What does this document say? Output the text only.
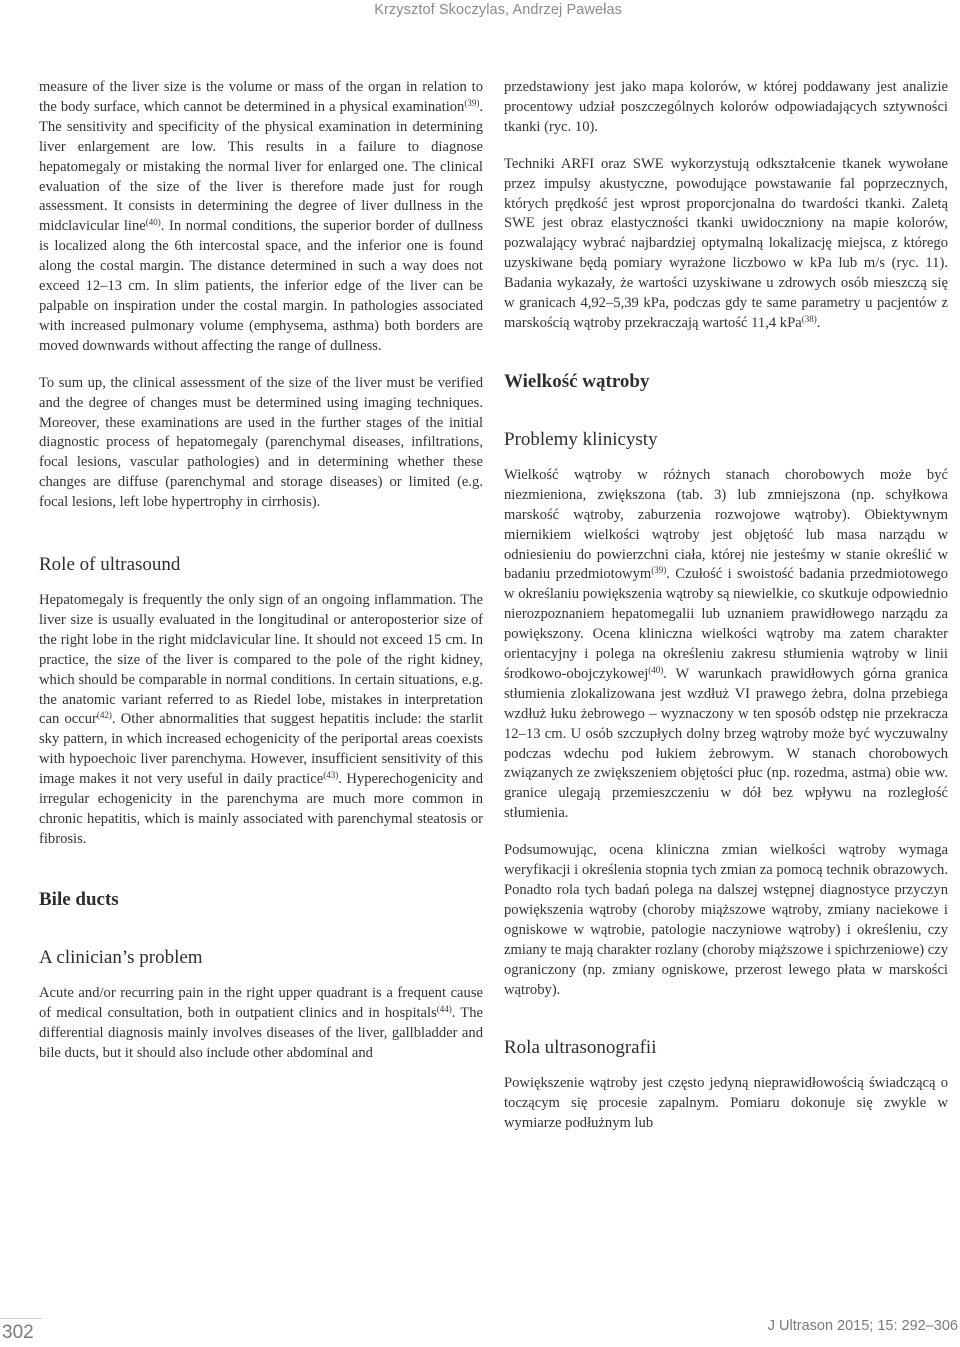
Krzysztof Skoczylas, Andrzej Pawełas

measure of the liver size is the volume or mass of the organ in relation to the body surface, which cannot be determined in a physical examination$^{(39)}$. The sensitivity and specificity of the physical examination in determining liver enlargement are low. This results in a failure to diagnose hepatomegaly or mistaking the normal liver for enlarged one. The clinical evaluation of the size of the liver is therefore made just for rough assessment. It consists in determining the degree of liver dullness in the midclavicular line$^{(40)}$. In normal conditions, the superior border of dullness is localized along the 6th intercostal space, and the inferior one is found along the costal margin. The distance determined in such a way does not exceed 12–13 cm. In slim patients, the inferior edge of the liver can be palpable on inspiration under the costal margin. In pathologies associated with increased pulmonary volume (emphysema, asthma) both borders are moved downwards without affecting the range of dullness.

To sum up, the clinical assessment of the size of the liver must be verified and the degree of changes must be determined using imaging techniques. Moreover, these examinations are used in the further stages of the initial diagnostic process of hepatomegaly (parenchymal diseases, infiltrations, focal lesions, vascular pathologies) and in determining whether these changes are diffuse (parenchymal and storage diseases) or limited (e.g. focal lesions, left lobe hypertrophy in cirrhosis).

Role of ultrasound

Hepatomegaly is frequently the only sign of an ongoing inflammation. The liver size is usually evaluated in the longitudinal or anteroposterior size of the right lobe in the right midclavicular line. It should not exceed 15 cm. In practice, the size of the liver is compared to the pole of the right kidney, which should be comparable in normal conditions. In certain situations, e.g. the anatomic variant referred to as Riedel lobe, mistakes in interpretation can occur$^{(42)}$. Other abnormalities that suggest hepatitis include: the starlit sky pattern, in which increased echogenicity of the periportal areas coexists with hypoechoic liver parenchyma. However, insufficient sensitivity of this image makes it not very useful in daily practice$^{(43)}$. Hyperechogenicity and irregular echogenicity in the parenchyma are much more common in chronic hepatitis, which is mainly associated with parenchymal steatosis or fibrosis.

Bile ducts
A clinician’s problem

Acute and/or recurring pain in the right upper quadrant is a frequent cause of medical consultation, both in outpatient clinics and in hospitals$^{(44)}$. The differential diagnosis mainly involves diseases of the liver, gallbladder and bile ducts, but it should also include other abdominal and

przedstawiony jest jako mapa kolorów, w której poddawany jest analizie procentowy udział poszczególnych kolorów odpowiadających sztywności tkanki (ryc. 10).

Techniki ARFI oraz SWE wykorzystują odkształcenie tkanek wywołane przez impulsy akustyczne, powodujące powstawanie fal poprzecznych, których prędkość jest wprost proporcjonalna do twardości tkanki. Zaletą SWE jest obraz elastyczności tkanki uwidoczniony na mapie kolorów, pozwalający wybrać najbardziej optymalną lokalizację miejsca, z którego uzyskiwane będą pomiary wyrażone liczbowo w kPa lub m/s (ryc. 11). Badania wykazały, że wartości uzyskiwane u zdrowych osób mieszczą się w granicach 4,92–5,39 kPa, podczas gdy te same parametry u pacjentów z marskością wątroby przekraczają wartość 11,4 kPa$^{(38)}$.

Wielkość wątroby
Problemy klinicysty

Wielkość wątroby w różnych stanach chorobowych może być niezmieniona, zwiększona (tab. 3) lub zmniejszona (np. schyłkowa marskość wątroby, zaburzenia rozwojowe wątroby). Obiektywnym miernikiem wielkości wątroby jest objętość lub masa narządu w odniesieniu do powierzchni ciała, której nie jesteśmy w stanie określić w badaniu przedmiotowym$^{(39)}$. Czułość i swoistość badania przedmiotowego w określaniu powiększenia wątroby są niewielkie, co skutkuje odpowiednio nierozpoznaniem hepatomegalii lub uznaniem prawidłowego narządu za powiększony. Ocena kliniczna wielkości wątroby ma zatem charakter orientacyjny i polega na określeniu zakresu stłumienia wątroby w linii środkowo-obojczykowej$^{(40)}$. W warunkach prawidłowych górna granica stłumienia zlokalizowana jest wzdłuż VI prawego żebra, dolna przebiega wzdłuż łuku żebrowego – wyznaczony w ten sposób odstęp nie przekracza 12–13 cm. U osób szczupłych dolny brzeg wątroby może być wyczuwalny podczas wdechu pod łukiem żebrowym. W stanach chorobowych związanych ze zwiększeniem objętości płuc (np. rozedma, astma) obie ww. granice ulegają przemieszczeniu w dół bez wpływu na rozległość stłumienia.

Podsumowując, ocena kliniczna zmian wielkości wątroby wymaga weryfikacji i określenia stopnia tych zmian za pomocą technik obrazowych. Ponadto rola tych badań polega na dalszej wstępnej diagnostyce przyczyn powiększenia wątroby (choroby miąższowe wątroby, zmiany naciekowe i ogniskowe w wątrobie, patologie naczyniowe wątroby) i określeniu, czy zmiany te mają charakter rozlany (choroby miąższowe i spichrzeniowe) czy ograniczony (np. zmiany ogniskowe, przerost lewego płata w marskości wątroby).

Rola ultrasonografii

Powiększenie wątroby jest często jedyną nieprawidłowością świadczącą o toczącym się procesie zapalnym. Pomiaru dokonuje się zwykle w wymiarze podłużnym lub

302	J Ultrason 2015; 15: 292–306
